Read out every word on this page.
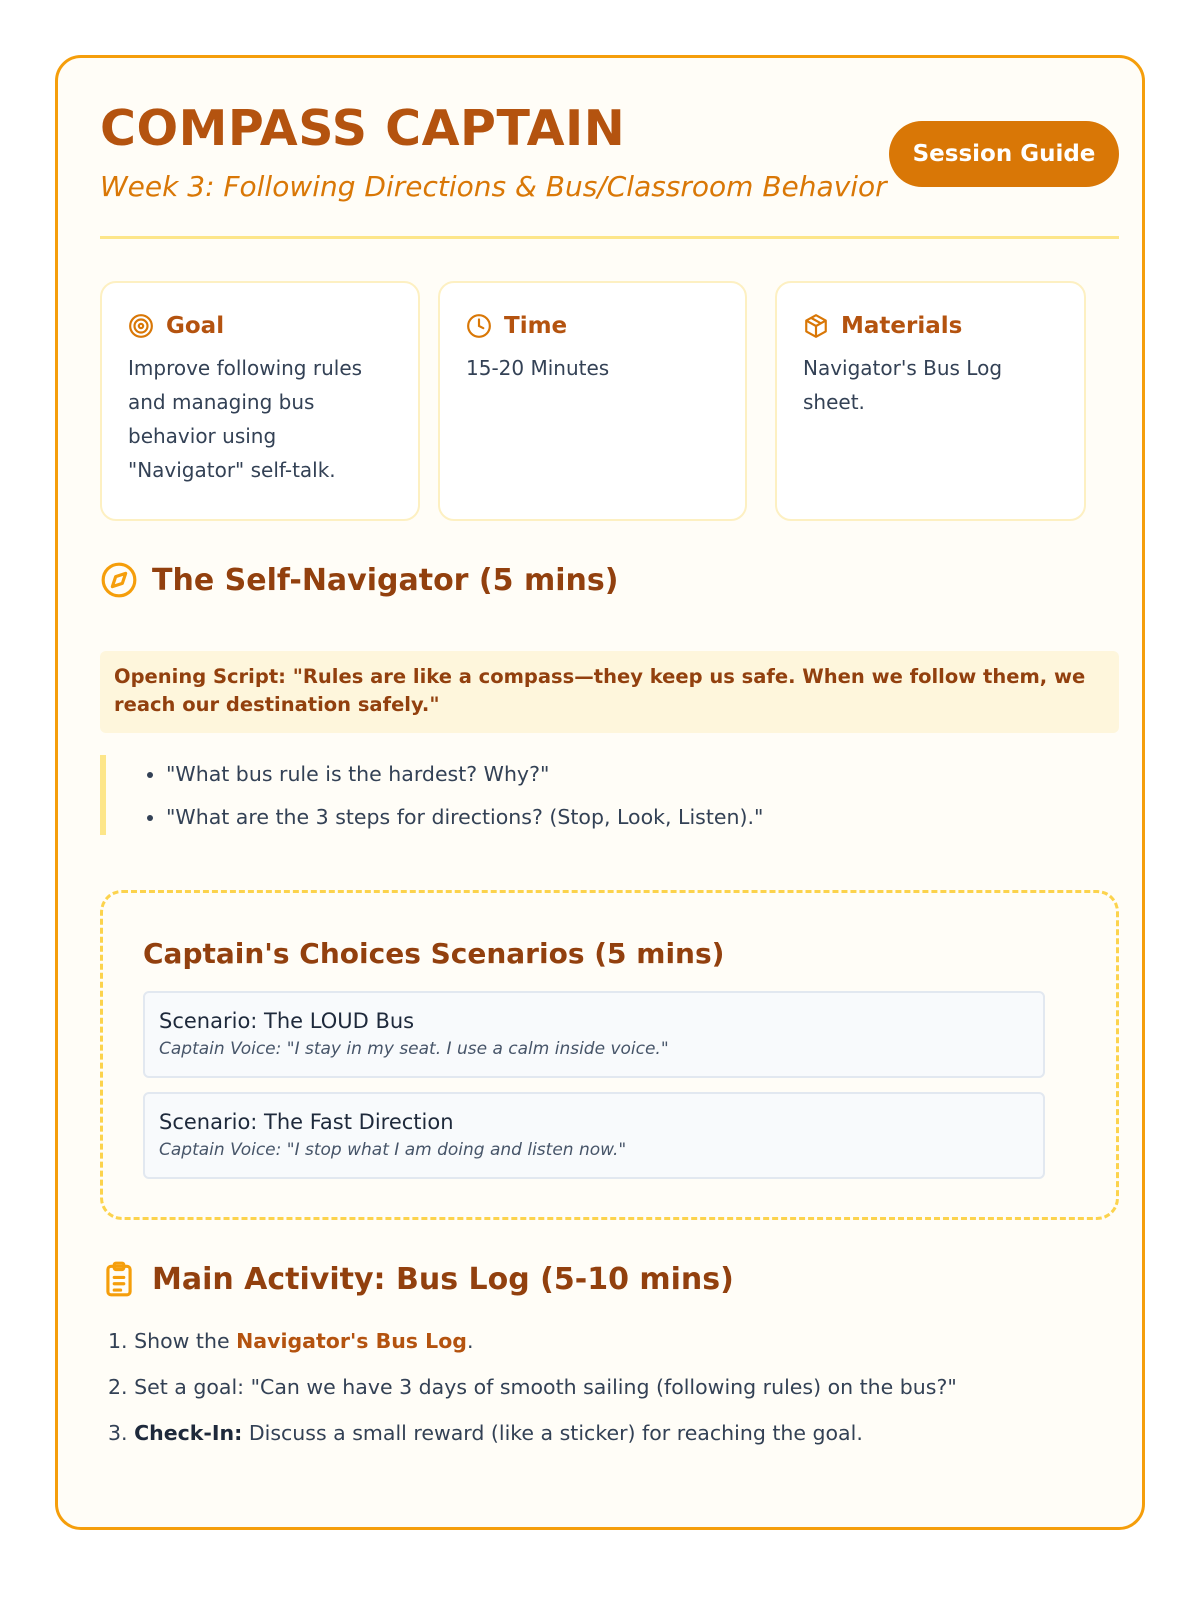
COMPASS CAPTAIN
Week 3: Following Directions & Bus/Classroom Behavior
Session Guide
Goal
Improve following rules and managing bus behavior using "Navigator" self-talk.
Time
15-20 Minutes
Materials
Navigator's Bus Log sheet.
The Self-Navigator (5 mins)
Opening Script: "Rules are like a compass—they keep us safe. When we follow them, we reach our destination safely."
• "What bus rule is the hardest? Why?"
• "What are the 3 steps for directions? (Stop, Look, Listen)."
Captain's Choices Scenarios (5 mins)
Scenario: The LOUD Bus
Captain Voice: "I stay in my seat. I use a calm inside voice."
Scenario: The Fast Direction
Captain Voice: "I stop what I am doing and listen now."
Main Activity: Bus Log (5-10 mins)
1. Show the Navigator's Bus Log.
2. Set a goal: "Can we have 3 days of smooth sailing (following rules) on the bus?"
3. Check-In: Discuss a small reward (like a sticker) for reaching the goal.
